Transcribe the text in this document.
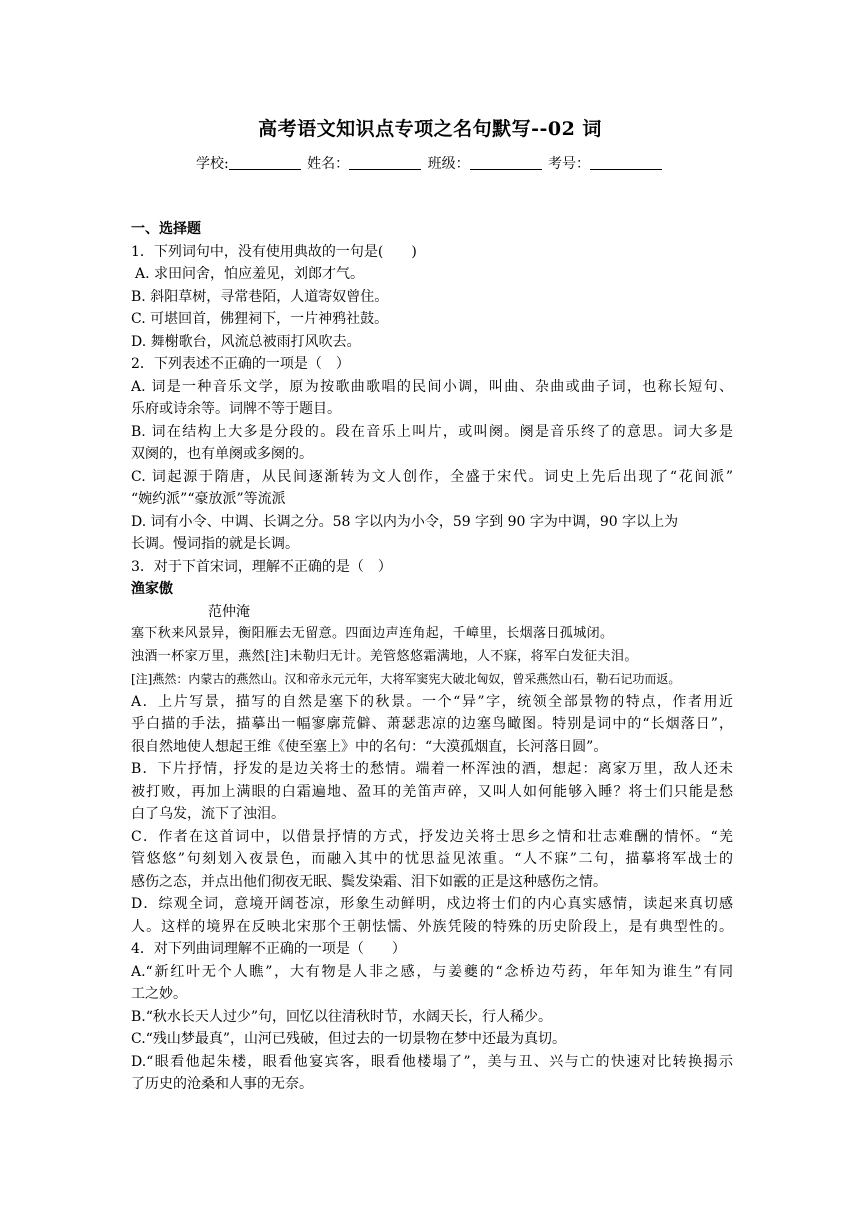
高考语文知识点专项之名句默写--02 词
学校:	姓名：	班级：	考号：
一、选择题
1．下列词句中，没有使用典故的一句是(　　)
A. 求田问舍，怕应羞见，刘郎才气。
B. 斜阳草树，寻常巷陌，人道寄奴曾住。
C. 可堪回首，佛狸祠下，一片神鸦社鼓。
D. 舞榭歌台，风流总被雨打风吹去。
2．下列表述不正确的一项是（　）
A. 词是一种音乐文学，原为按歌曲歌唱的民间小调，叫曲、杂曲或曲子词，也称长短句、
乐府或诗余等。词牌不等于题目。
B. 词在结构上大多是分段的。段在音乐上叫片，或叫阕。阕是音乐终了的意思。词大多是
双阕的，也有单阕或多阕的。
C. 词起源于隋唐，从民间逐渐转为文人创作，全盛于宋代。词史上先后出现了“花间派”
“婉约派”“豪放派”等流派
D. 词有小令、中调、长调之分。58 字以内为小令，59 字到 90 字为中调，90 字以上为
长调。慢词指的就是长调。
3．对于下首宋词，理解不正确的是（　）
渔家傲
范仲淹
塞下秋来风景异，衡阳雁去无留意。四面边声连角起，千嶂里，长烟落日孤城闭。
浊酒一杯家万里，燕然[注]未勒归无计。羌管悠悠霜满地，人不寐，将军白发征夫泪。
[注]燕然：内蒙古的燕然山。汉和帝永元元年，大将军窦宪大破北匈奴，曾采燕然山石，勒石记功而返。
A．上片写景，描写的自然是塞下的秋景。一个“异”字，统领全部景物的特点，作者用近
乎白描的手法，描摹出一幅寥廓荒僻、萧瑟悲凉的边塞鸟瞰图。特别是词中的“长烟落日”，
很自然地使人想起王维《使至塞上》中的名句：“大漠孤烟直，长河落日圆”。
B．下片抒情，抒发的是边关将士的愁情。端着一杯浑浊的酒，想起：离家万里，敌人还未
被打败，再加上满眼的白霜遍地、盈耳的羌笛声碎，又叫人如何能够入睡？将士们只能是愁
白了乌发，流下了浊泪。
C．作者在这首词中，以借景抒情的方式，抒发边关将士思乡之情和壮志难酬的情怀。“羌
管悠悠”句刻划入夜景色，而融入其中的忧思益见浓重。“人不寐”二句，描摹将军战士的
感伤之态，并点出他们彻夜无眠、鬓发染霜、泪下如霰的正是这种感伤之情。
D．综观全词，意境开阔苍凉，形象生动鲜明，戍边将士们的内心真实感情，读起来真切感
人。这样的境界在反映北宋那个王朝怯懦、外族凭陵的特殊的历史阶段上，是有典型性的。
4．对下列曲词理解不正确的一项是（　　）
A.“新红叶无个人瞧”，大有物是人非之感，与姜夔的“念桥边芍药，年年知为谁生”有同
工之妙。
B.“秋水长天人过少”句，回忆以往清秋时节，水阔天长，行人稀少。
C.“残山梦最真”，山河已残破，但过去的一切景物在梦中还最为真切。
D.“眼看他起朱楼，眼看他宴宾客，眼看他楼塌了”，美与丑、兴与亡的快速对比转换揭示
了历史的沧桑和人事的无奈。
